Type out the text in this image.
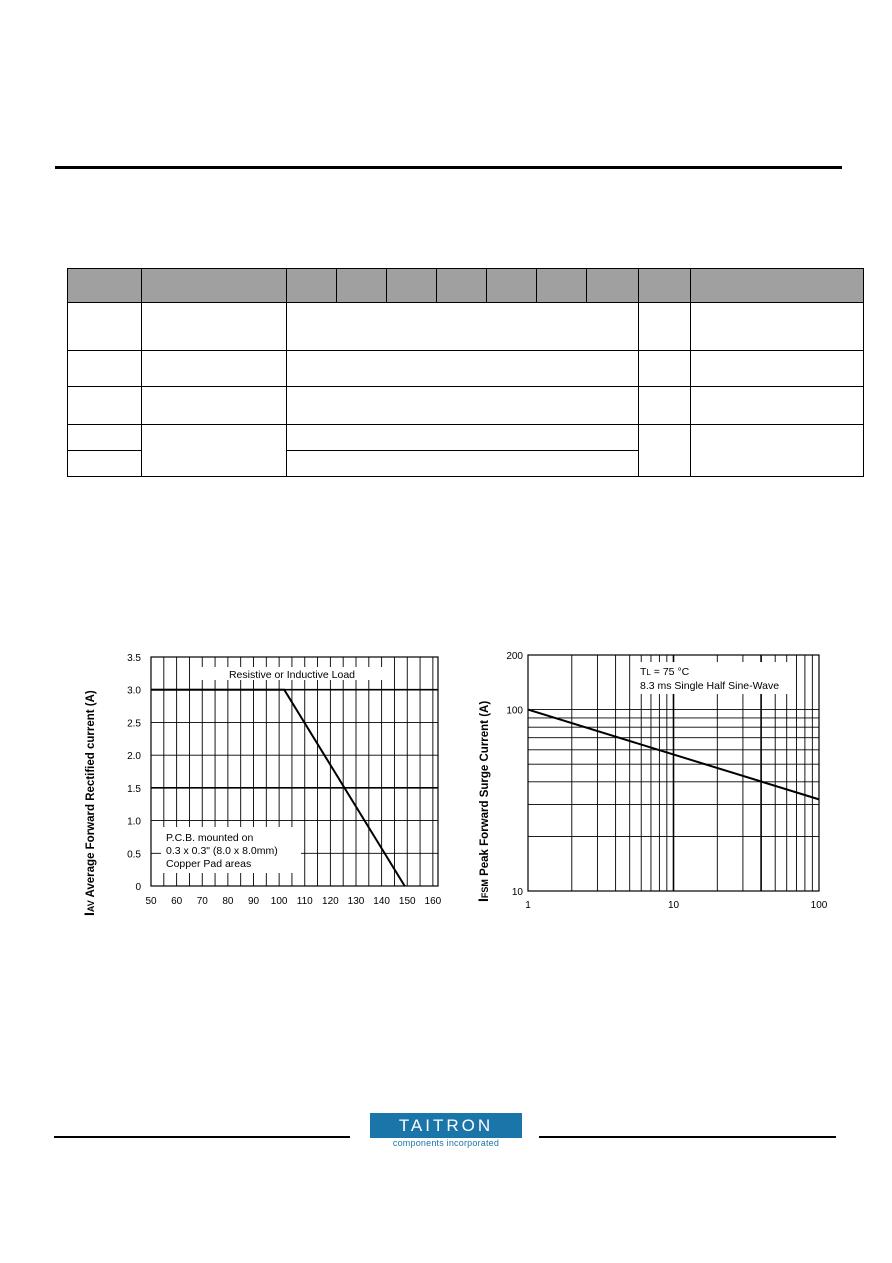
IAV Average Forward Rectified current (A)
50 60 70 80 90 100 110 120 130 140 150 160
0
0.5
1.0
1.5
2.0
2.5
3.0
3.5
Resistive or Inductive Load
P.C.B. mounted on
0.3 x 0.3" (8.0 x 8.0mm)
Copper Pad areas
IFSM Peak Forward Surge Current (A)
1	10	100
10
100
200
TL = 75 °C
8.3 ms Single Half Sine-Wave
TAITRON
components incorporated
